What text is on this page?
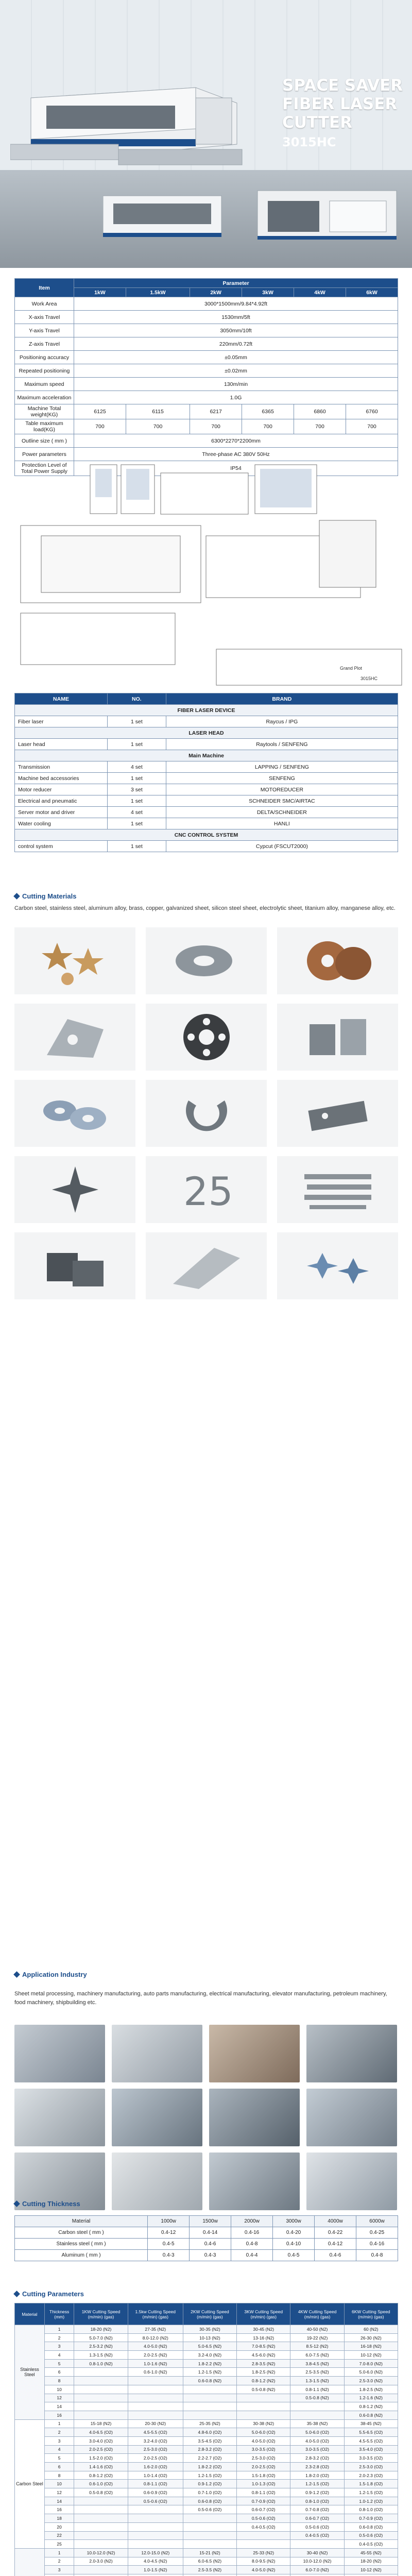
SPACE SAVER
FIBER LASER
CUTTER
3015HC
Item	Parameter					
	1kW	1.5kW	2kW	3kW	4kW	6kW
Work Area	3000*1500mm/9.84*4.92ft					
X-axis Travel	1530mm/5ft					
Y-axis Travel	3050mm/10ft					
Z-axis Travel	220mm/0.72ft					
Positioning accuracy	±0.05mm					
Repeated positioning	±0.02mm					
Maximum speed	130m/min					
Maximum acceleration	1.0G					
Machine Total weight(KG)	6125	6115	6217	6365	6860	6760
Table maximum load(KG)	700	700	700	700	700	700
Outline size ( mm )	6300*2270*2200mm					
Power parameters	Three-phase AC 380V 50Hz					
Protection Level of Total Power Supply	IP54					
Grand Plot
3015HC
NAME	NO.	BRAND
FIBER LASER DEVICE		
Fiber laser	1 set	Raycus / IPG
LASER HEAD		
Laser head	1 set	Raytools / SENFENG
Main Machine		
Transmission	4 set	LAPPING / SENFENG
Machine bed accessories	1 set	SENFENG
Motor reducer	3 set	MOTOREDUCER
Electrical and pneumatic	1 set	SCHNEIDER SMC/AIRTAC
Server motor and driver	4 set	DELTA/SCHNEIDER
Water cooling	1 set	HANLI
CNC CONTROL SYSTEM		
control system	1 set	Cypcut (FSCUT2000)
Cutting Materials
Carbon steel, stainless steel, aluminum alloy, brass, copper, galvanized sheet, silicon steel sheet, electrolytic sheet, titanium alloy, manganese alloy, etc.
25
Application Industry
Sheet metal processing, machinery manufacturing, auto parts manufacturing, electrical manufacturing, elevator manufacturing, petroleum machinery, food machinery, shipbuilding etc.
Cutting Thickness
Material	1000w	1500w	2000w	3000w	4000w	6000w
Carbon steel ( mm )	0.4-12	0.4-14	0.4-16	0.4-20	0.4-22	0.4-25
Stainless steel ( mm )	0.4-5	0.4-6	0.4-8	0.4-10	0.4-12	0.4-16
Aluminum ( mm )	0.4-3	0.4-3	0.4-4	0.4-5	0.4-6	0.4-8
Cutting Parameters
Material	Thickness (mm)	1KW Cutting Speed (m/min) (gas)	1.5kw Cutting Speed (m/min) (gas)	2KW Cutting Speed (m/min) (gas)	3KW Cutting Speed (m/min) (gas)	4KW Cutting Speed (m/min) (gas)	6KW Cutting Speed (m/min) (gas)
Stainless Steel	1	18-20 (N2)	27-35 (N2)	30-35 (N2)	30-45 (N2)	40-50 (N2)	60 (N2)
	2	5.0-7.0 (N2)	8.0-12.0 (N2)	10-13 (N2)	13-16 (N2)	19-22 (N2)	26-30 (N2)
	3	2.5-3.2 (N2)	4.0-5.0 (N2)	5.0-6.5 (N2)	7.0-8.5 (N2)	8.5-12 (N2)	16-18 (N2)
	4	1.3-1.5 (N2)	2.0-2.5 (N2)	3.2-4.0 (N2)	4.5-6.0 (N2)	6.0-7.5 (N2)	10-12 (N2)
	5	0.8-1.0 (N2)	1.0-1.6 (N2)	1.8-2.2 (N2)	2.8-3.5 (N2)	3.8-4.5 (N2)	7.0-8.0 (N2)
	6		0.6-1.0 (N2)	1.2-1.5 (N2)	1.8-2.5 (N2)	2.5-3.5 (N2)	5.0-6.0 (N2)
	8			0.6-0.8 (N2)	0.8-1.2 (N2)	1.3-1.5 (N2)	2.5-3.0 (N2)
	10				0.5-0.8 (N2)	0.8-1.1 (N2)	1.8-2.5 (N2)
	12					0.5-0.8 (N2)	1.2-1.6 (N2)
	14						0.8-1.2 (N2)
	16						0.6-0.8 (N2)
Carbon Steel	1	15-18 (N2)	20-30 (N2)	25-35 (N2)	30-38 (N2)	35-38 (N2)	38-45 (N2)
	2	4.0-6.5 (O2)	4.5-5.5 (O2)	4.8-6.0 (O2)	5.0-6.0 (O2)	5.0-6.0 (O2)	5.5-6.5 (O2)
	3	3.0-4.0 (O2)	3.2-4.0 (O2)	3.5-4.5 (O2)	4.0-5.0 (O2)	4.0-5.0 (O2)	4.5-5.5 (O2)
	4	2.0-2.5 (O2)	2.5-3.0 (O2)	2.8-3.2 (O2)	3.0-3.5 (O2)	3.0-3.5 (O2)	3.5-4.0 (O2)
	5	1.5-2.0 (O2)	2.0-2.5 (O2)	2.2-2.7 (O2)	2.5-3.0 (O2)	2.8-3.2 (O2)	3.0-3.5 (O2)
	6	1.4-1.6 (O2)	1.6-2.0 (O2)	1.8-2.2 (O2)	2.0-2.5 (O2)	2.3-2.8 (O2)	2.5-3.0 (O2)
	8	0.8-1.2 (O2)	1.0-1.4 (O2)	1.2-1.5 (O2)	1.5-1.8 (O2)	1.8-2.0 (O2)	2.0-2.3 (O2)
	10	0.6-1.0 (O2)	0.8-1.1 (O2)	0.9-1.2 (O2)	1.0-1.3 (O2)	1.2-1.5 (O2)	1.5-1.8 (O2)
	12	0.5-0.8 (O2)	0.6-0.9 (O2)	0.7-1.0 (O2)	0.8-1.1 (O2)	0.9-1.2 (O2)	1.2-1.5 (O2)
	14		0.5-0.6 (O2)	0.6-0.8 (O2)	0.7-0.9 (O2)	0.8-1.0 (O2)	1.0-1.2 (O2)
	16			0.5-0.6 (O2)	0.6-0.7 (O2)	0.7-0.8 (O2)	0.8-1.0 (O2)
	18				0.5-0.6 (O2)	0.6-0.7 (O2)	0.7-0.9 (O2)
	20				0.4-0.5 (O2)	0.5-0.6 (O2)	0.6-0.8 (O2)
	22					0.4-0.5 (O2)	0.5-0.6 (O2)
	25						0.4-0.5 (O2)
	1	10.0-12.0 (N2)	12.0-15.0 (N2)	15-21 (N2)	25-33 (N2)	30-40 (N2)	45-55 (N2)
	2	2.0-3.0 (N2)	4.0-4.5 (N2)	6.0-6.5 (N2)	8.0-9.5 (N2)	10.0-12.0 (N2)	18-20 (N2)
	3		1.0-1.5 (N2)	2.5-3.5 (N2)	4.0-5.0 (N2)	6.0-7.0 (N2)	10-12 (N2)
